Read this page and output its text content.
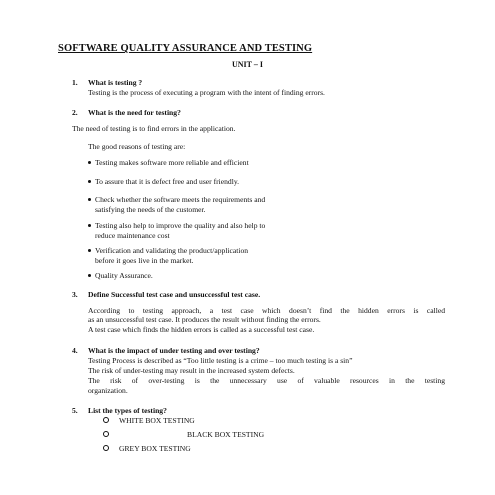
SOFTWARE QUALITY ASSURANCE AND TESTING

UNIT – I

1. What is testing ?
Testing is the process of executing a program with the intent of finding errors.
2. What is the need for testing?
The need of testing is to find errors in the application.
The good reasons of testing are:
Testing makes software more reliable and efficient
To assure that it is defect free and user friendly.
Check whether the software meets the requirements and
satisfying the needs of the customer.
Testing also help to improve the quality and also help to
reduce maintenance cost
Verification and validating the product/application
before it goes live in the market.
Quality Assurance.
3. Define Successful test case and unsuccessful test case.
According to testing approach, a test case which doesn’t find the hidden errors is called
as an unsuccessful test case. It produces the result without finding the errors.
A test case which finds the hidden errors is called as a successful test case.
4. What is the impact of under testing and over testing?
Testing Process is described as “Too little testing is a crime – too much testing is a sin”
The risk of under-testing may result in the increased system defects.
The risk of over-testing is the unnecessary use of valuable resources in the testing
organization.
5. List the types of testing?
WHITE BOX TESTING
BLACK BOX TESTING
GREY BOX TESTING
